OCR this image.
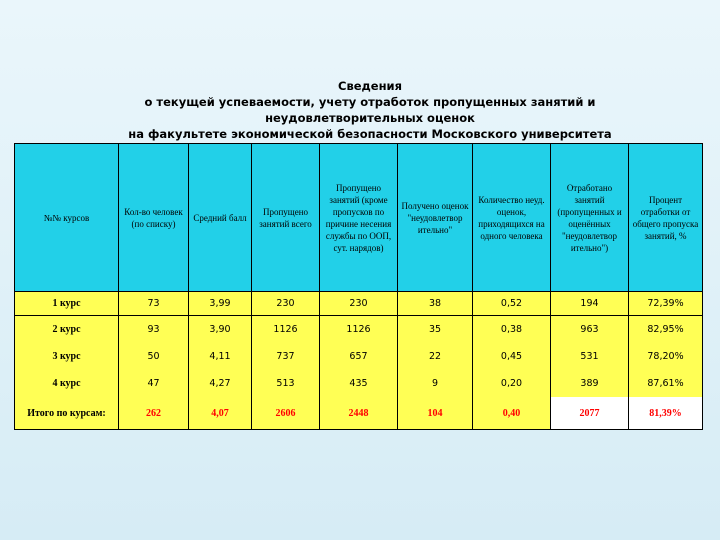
Сведения
о текущей успеваемости, учету отработок пропущенных занятий и неудовлетворительных оценок
на факультете экономической безопасности Московского университета
№№ курсов	Кол-во человек (по списку)	Средний балл	Пропущено занятий всего	Пропущено занятий (кроме пропусков по причине несения службы по ООП, сут. нарядов)	Получено оценок "неудовлетвор ительно"	Количество неуд. оценок, приходящихся на одного человека	Отработано занятий (пропущенных и оценённых "неудовлетвор ительно")	Процент отработки от общего пропуска занятий, %
1 курс	73	3,99	230	230	38	0,52	194	72,39%
2 курс	93	3,90	1126	1126	35	0,38	963	82,95%
3 курс	50	4,11	737	657	22	0,45	531	78,20%
4 курс	47	4,27	513	435	9	0,20	389	87,61%
Итого по курсам:	262	4,07	2606	2448	104	0,40	2077	81,39%
